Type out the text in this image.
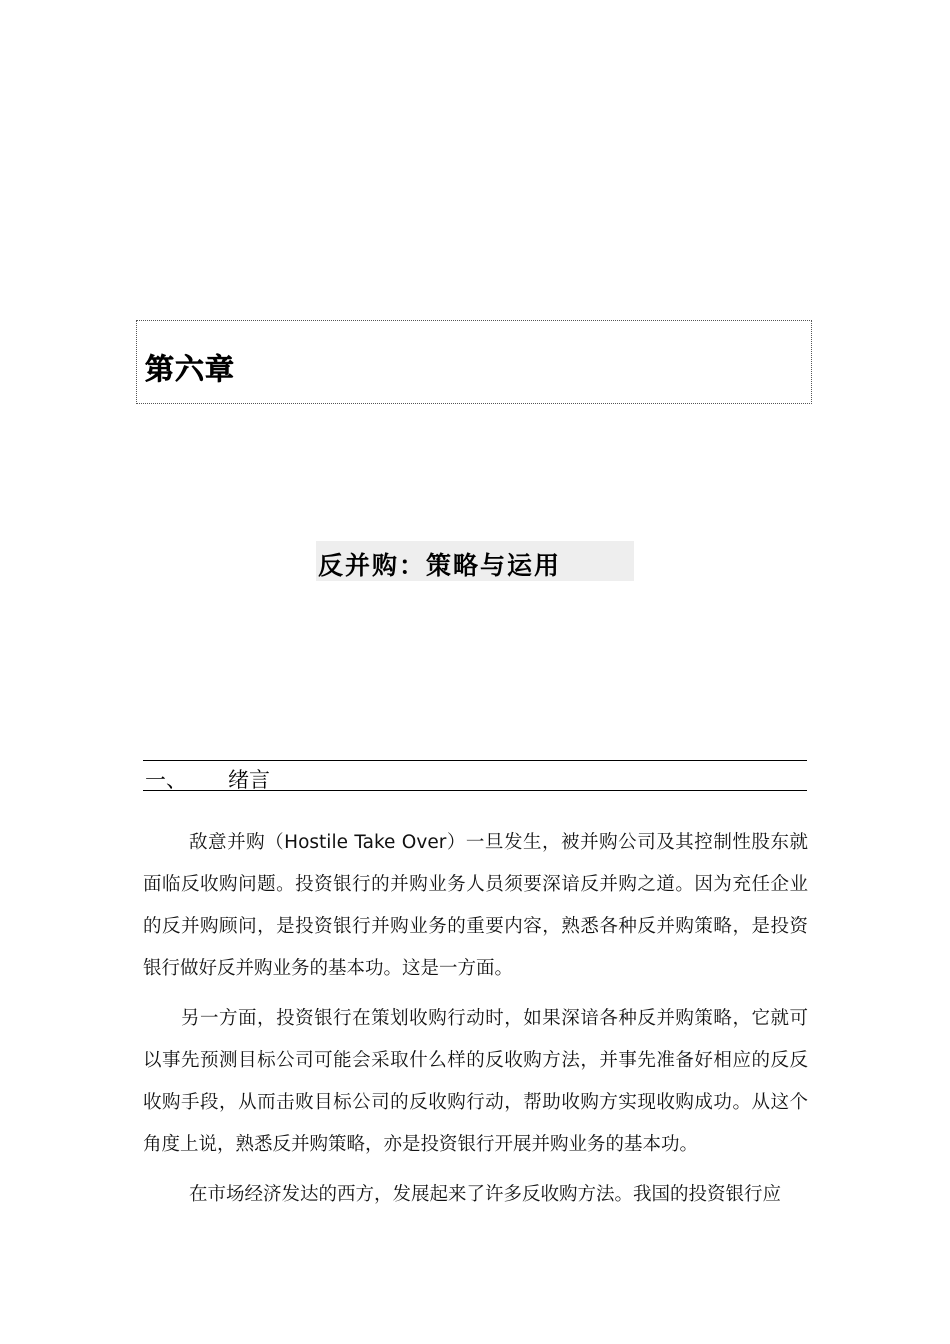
第六章
反并购：策略与运用
一、 绪言

敌意并购（Hostile Take Over）一旦发生，被并购公司及其控制性股东就面临反收购问题。投资银行的并购业务人员须要深谙反并购之道。因为充任企业的反并购顾问，是投资银行并购业务的重要内容，熟悉各种反并购策略，是投资银行做好反并购业务的基本功。这是一方面。

另一方面，投资银行在策划收购行动时，如果深谙各种反并购策略，它就可以事先预测目标公司可能会采取什么样的反收购方法，并事先准备好相应的反反收购手段，从而击败目标公司的反收购行动，帮助收购方实现收购成功。从这个角度上说，熟悉反并购策略，亦是投资银行开展并购业务的基本功。

在市场经济发达的西方，发展起来了许多反收购方法。我国的投资银行应
